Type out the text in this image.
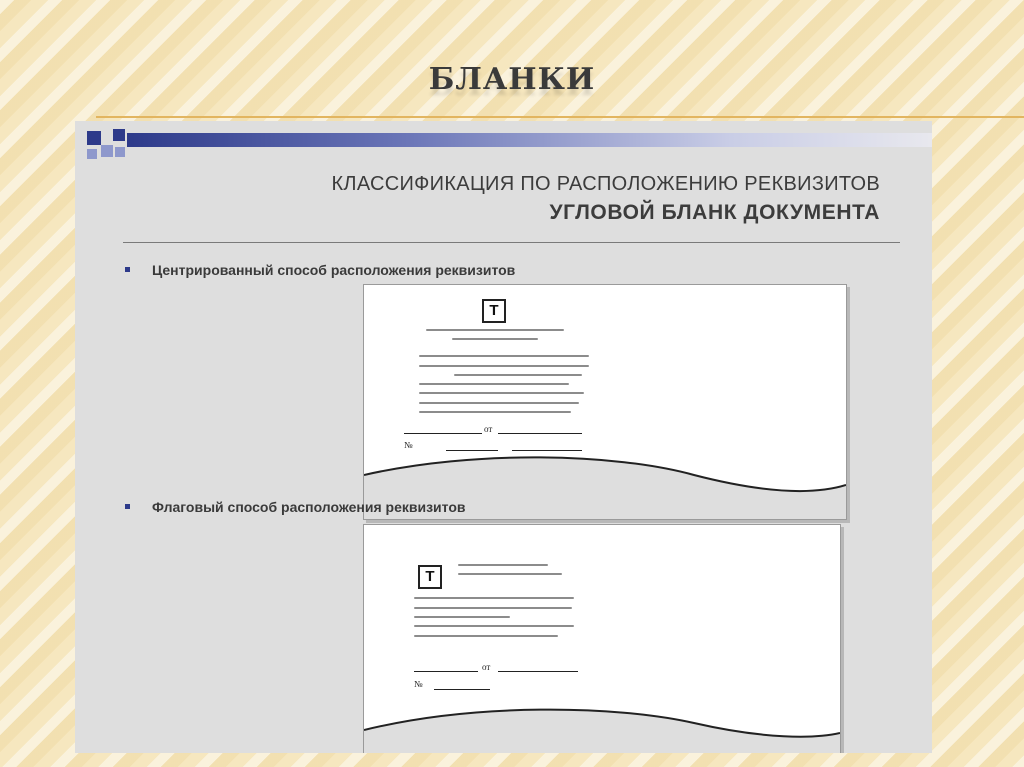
БЛАНКИ
КЛАССИФИКАЦИЯ ПО РАСПОЛОЖЕНИЮ РЕКВИЗИТОВ
УГЛОВОЙ БЛАНК ДОКУМЕНТА
Центрированный способ расположения реквизитов
Т
от
№
Флаговый способ расположения реквизитов
Т
от
№
